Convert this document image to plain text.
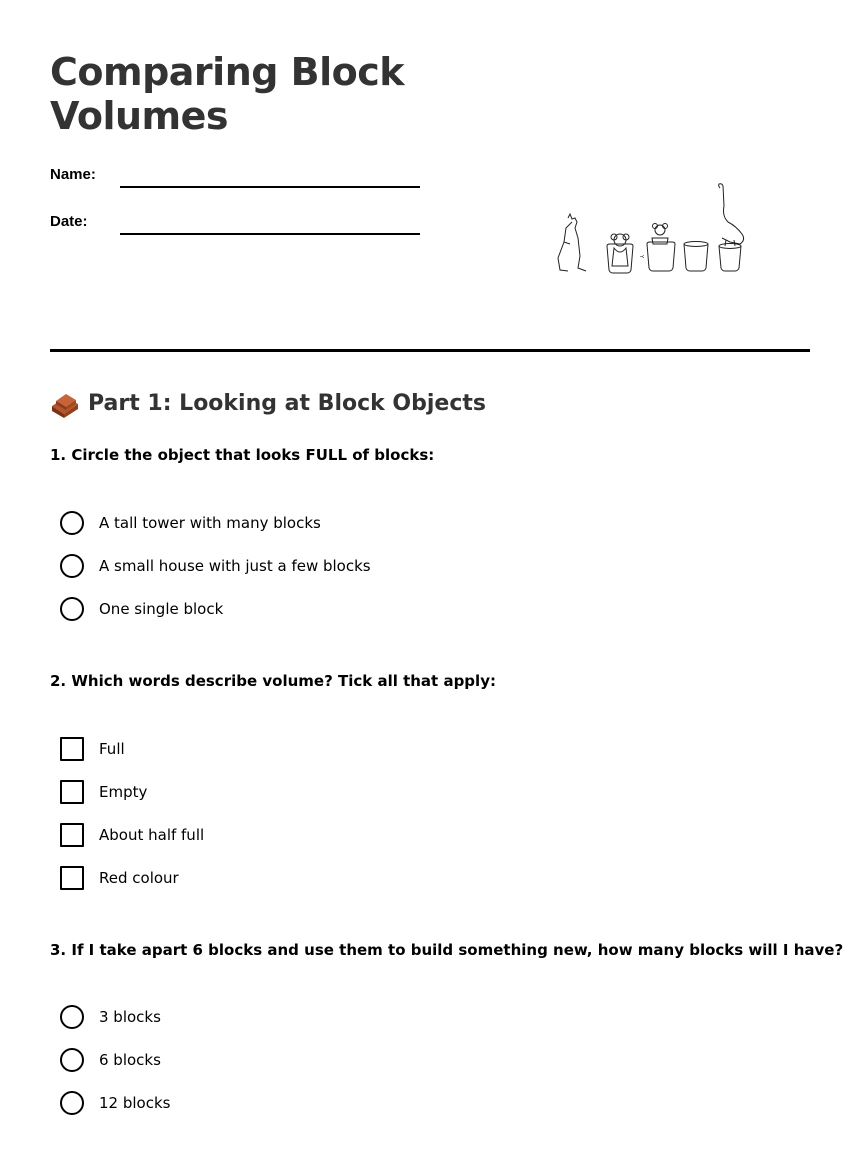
Comparing Block
Volumes
Name:
Date:
Y
Part 1: Looking at Block Objects
1. Circle the object that looks FULL of blocks:
A tall tower with many blocks
A small house with just a few blocks
One single block
2. Which words describe volume? Tick all that apply:
Full
Empty
About half full
Red colour
3. If I take apart 6 blocks and use them to build something new, how many blocks will I have?
3 blocks
6 blocks
12 blocks
